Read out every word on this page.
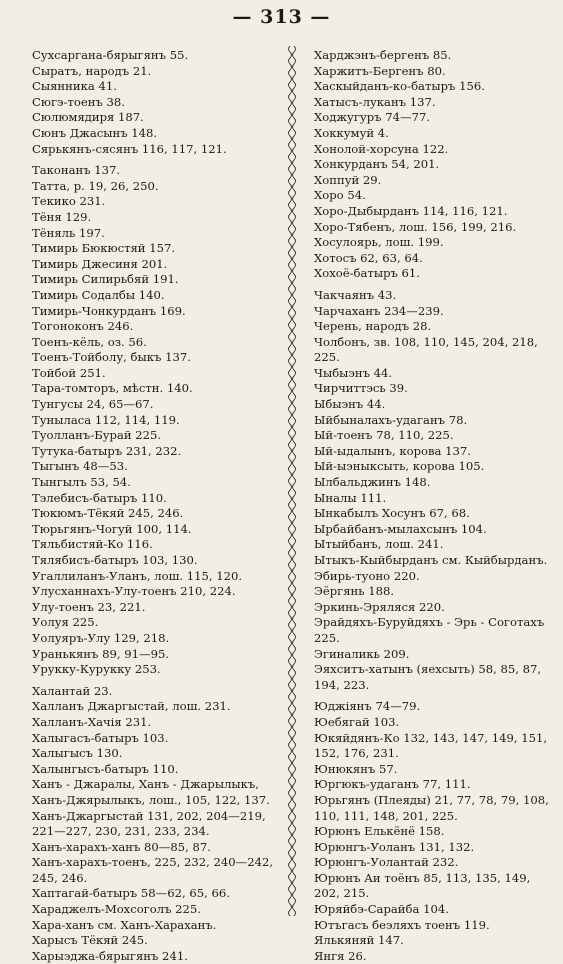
— 313 —
Сухсаргана-бярыгянъ 55.
Сыратъ, народъ 21.
Сыянника 41.
Сюгэ-тоенъ 38.
Сюлюмядиря 187.
Сюнъ Джасынъ 148.
Сярькянъ-сясянъ 116, 117, 121.
Таконанъ 137.
Татта, р. 19, 26, 250.
Текико 231.
Тёня 129.
Тёняль 197.
Тимирь Бюкюстяй 157.
Тимирь Джесиня 201.
Тимирь Силирьбяй 191.
Тимирь Содалбы 140.
Тимирь-Чонкурданъ 169.
Тогоноконъ 246.
Тоенъ-кёль, оз. 56.
Тоенъ-Тойболу, быкъ 137.
Тойбой 251.
Тара-томторъ, мѣстн. 140.
Тунгусы 24, 65—67.
Туныласа 112, 114, 119.
Туолланъ-Бурай 225.
Тутука-батыръ 231, 232.
Тыгынъ 48—53.
Тынгылъ 53, 54.
Тэлебисъ-батыръ 110.
Тюкюмъ-Тёкяй 245, 246.
Тюрьгянъ-Чогуй 100, 114.
Тяльбистяй-Ко 116.
Тялябисъ-батыръ 103, 130.
Угаллиланъ-Уланъ, лош. 115, 120.
Улусханнахъ-Улу-тоенъ 210, 224.
Улу-тоенъ 23, 221.
Уолуя 225.
Уолуяръ-Улу 129, 218.
Уранькянъ 89, 91—95.
Урукку-Курукку 253.
Халантай 23.
Халланъ Джаргыстай, лош. 231.
Халланъ-Хачія 231.
Халыгасъ-батыръ 103.
Халыгысъ 130.
Халынгысъ-батыръ 110.
Ханъ - Джаралы, Ханъ - Джарылыкъ, Ханъ-Джярылыкъ, лош., 105, 122, 137.
Ханъ-Джаргыстай 131, 202, 204—219, 221—227, 230, 231, 233, 234.
Ханъ-харахъ-ханъ 80—85, 87.
Ханъ-харахъ-тоенъ, 225, 232, 240—242, 245, 246.
Хаптагай-батыръ 58—62, 65, 66.
Хараджелъ-Мохсоголъ 225.
Хара-ханъ см. Ханъ-Хараханъ.
Харысъ Тёкяй 245.
Харыэджа-бярыгянъ 241.
Харджэнъ-бергенъ 85.
Харжитъ-Бергенъ 80.
Хаскыйданъ-ко-батыръ 156.
Хатысъ-луканъ 137.
Ходжугуръ 74—77.
Хоккумуй 4.
Хонолой-хорсуна 122.
Хонкурданъ 54, 201.
Хоппуй 29.
Хоро 54.
Хоро-Дыбырданъ 114, 116, 121.
Хоро-Тябенъ, лош. 156, 199, 216.
Хосулоярь, лош. 199.
Хотосъ 62, 63, 64.
Хохоё-батыръ 61.
Чакчаянъ 43.
Чарчаханъ 234—239.
Черень, народъ 28.
Чолбонъ, зв. 108, 110, 145, 204, 218, 225.
Чыбыэнъ 44.
Чирчиттэсь 39.
Ыбыэнъ 44.
Ыйбыналахъ-удаганъ 78.
Ый-тоенъ 78, 110, 225.
Ый-ыдалынъ, корова 137.
Ый-ыэныксыть, корова 105.
Ылбальджинъ 148.
Ыналы 111.
Ынкабылъ Хосунъ 67, 68.
Ырбайбанъ-мылахсынъ 104.
Ытыйбанъ, лош. 241.
Ытыкъ-Кыйбырданъ см. Кыйбырданъ.
Эбирь-туоно 220.
Эёргянь 188.
Эркинь-Эряляся 220.
Эрайдяхъ-Буруйдяхъ - Эрь - Соготахъ 225.
Эгиналикь 209.
Эяхситъ-хатынъ (яехсыть) 58, 85, 87, 194, 223.
Юджіянъ 74—79.
Юебягай 103.
Юкяйдянъ-Ко 132, 143, 147, 149, 151, 152, 176, 231.
Юнюкянъ 57.
Юргюкъ-удаганъ 77, 111.
Юрьгянъ (Плеяды) 21, 77, 78, 79, 108, 110, 111, 148, 201, 225.
Юрюнъ Елькёнё 158.
Юрюнгъ-Уоланъ 131, 132.
Юрюнгъ-Уолантай 232.
Юрюнъ Аи тоёнъ 85, 113, 135, 149, 202, 215.
Юряйбэ-Сарайба 104.
Ютъгасъ беэляхъ тоенъ 119.
Ялькяняй 147.
Янгя 26.
